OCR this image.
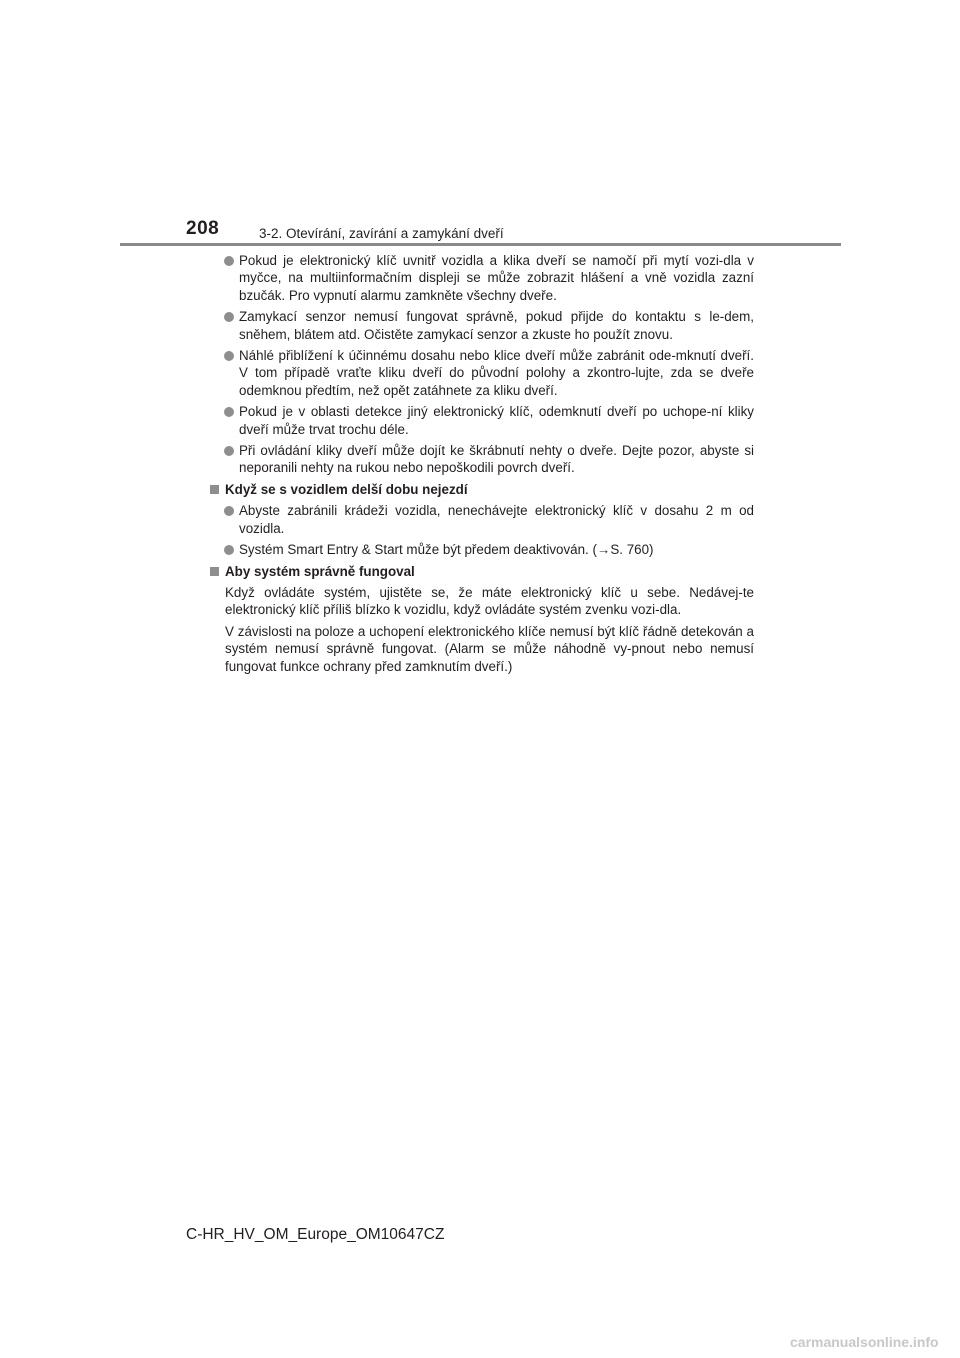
208	3-2. Otevírání, zavírání a zamykání dveří
Pokud je elektronický klíč uvnitř vozidla a klika dveří se namočí při mytí vozi-dla v myčce, na multiinformačním displeji se může zobrazit hlášení a vně vozidla zazní bzučák. Pro vypnutí alarmu zamkněte všechny dveře.
Zamykací senzor nemusí fungovat správně, pokud přijde do kontaktu s le-dem, sněhem, blátem atd. Očistěte zamykací senzor a zkuste ho použít znovu.
Náhlé přiblížení k účinnému dosahu nebo klice dveří může zabránit ode-mknutí dveří. V tom případě vraťte kliku dveří do původní polohy a zkontro-lujte, zda se dveře odemknou předtím, než opět zatáhnete za kliku dveří.
Pokud je v oblasti detekce jiný elektronický klíč, odemknutí dveří po uchope-ní kliky dveří může trvat trochu déle.
Při ovládání kliky dveří může dojít ke škrábnutí nehty o dveře. Dejte pozor, abyste si neporanili nehty na rukou nebo nepoškodili povrch dveří.
Když se s vozidlem delší dobu nejezdí
Abyste zabránili krádeži vozidla, nenechávejte elektronický klíč v dosahu 2 m od vozidla.
Systém Smart Entry & Start může být předem deaktivován. (→S. 760)
Aby systém správně fungoval
Když ovládáte systém, ujistěte se, že máte elektronický klíč u sebe. Nedávej-te elektronický klíč příliš blízko k vozidlu, když ovládáte systém zvenku vozi-dla.
V závislosti na poloze a uchopení elektronického klíče nemusí být klíč řádně detekován a systém nemusí správně fungovat. (Alarm se může náhodně vy-pnout nebo nemusí fungovat funkce ochrany před zamknutím dveří.)
C-HR_HV_OM_Europe_OM10647CZ
carmanualsonline.info
